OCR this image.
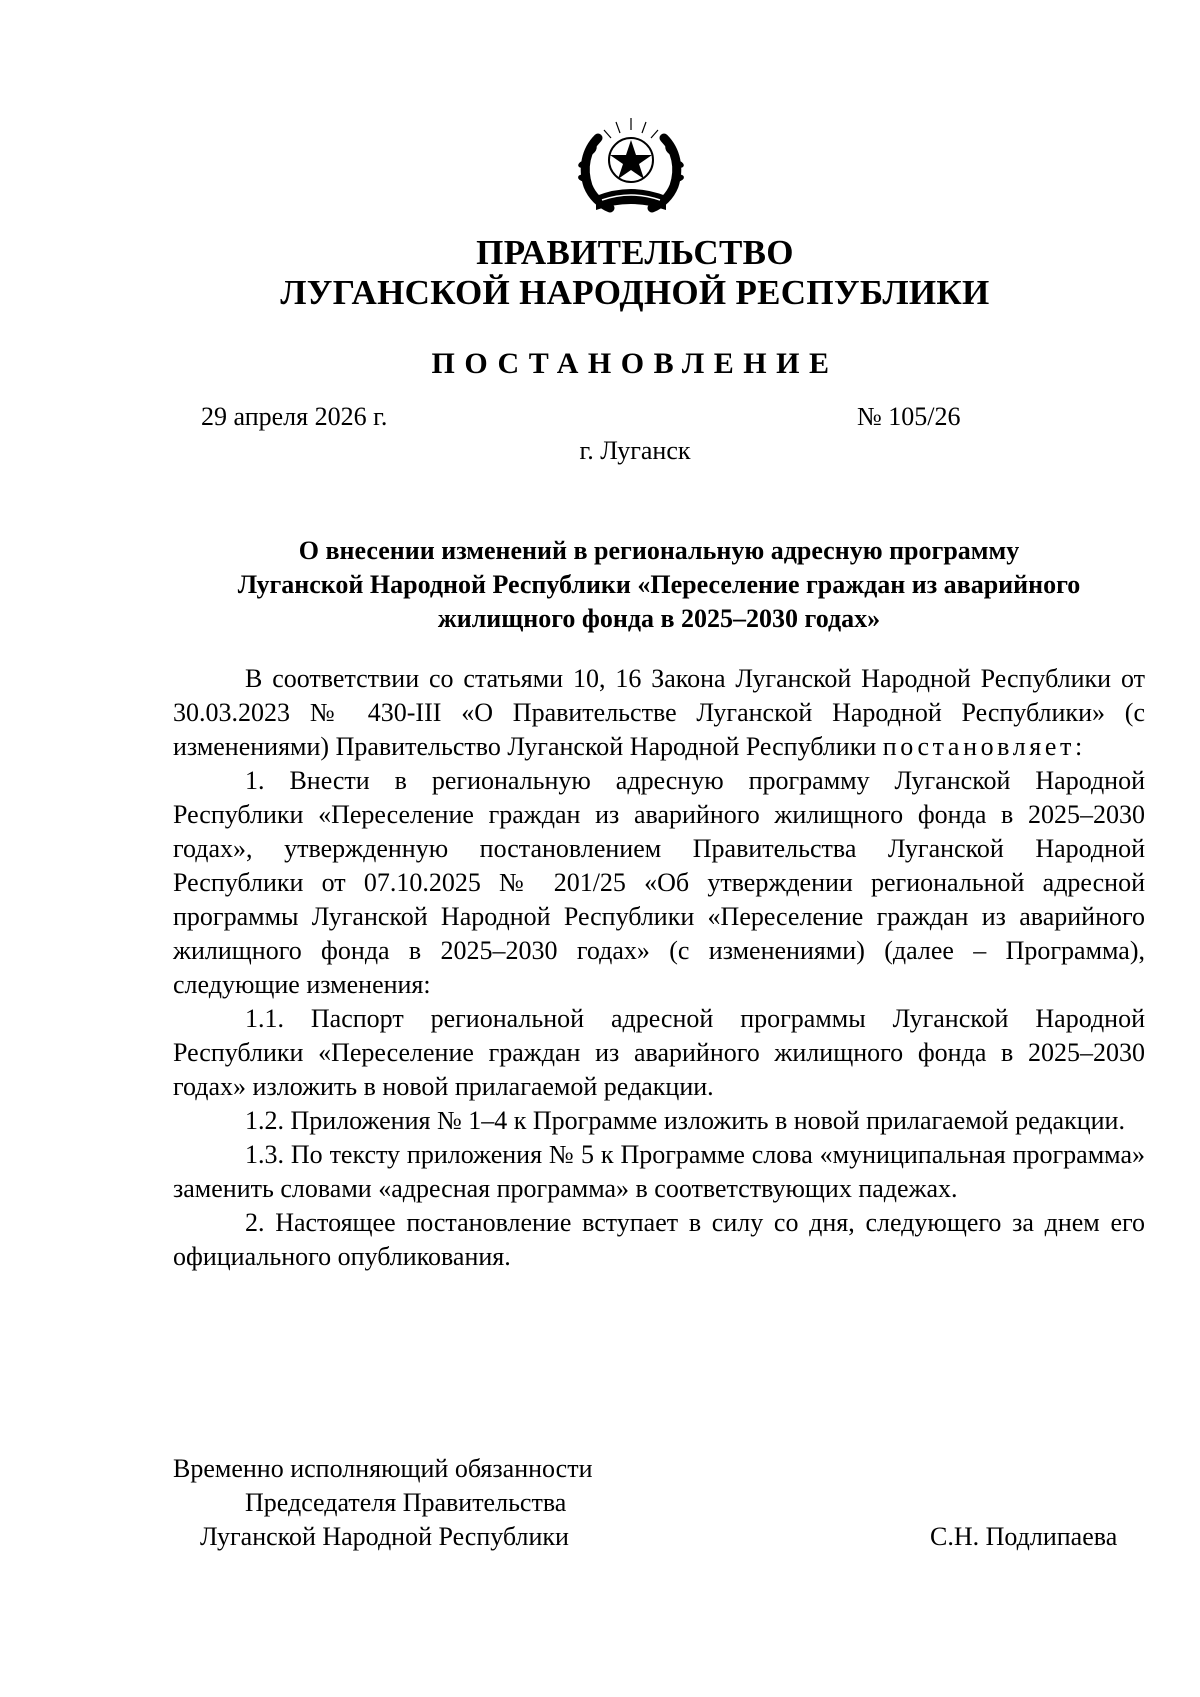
ПРАВИТЕЛЬСТВО
ЛУГАНСКОЙ НАРОДНОЙ РЕСПУБЛИКИ
ПОСТАНОВЛЕНИЕ
29 апреля 2026 г.	№ 105/26
г. Луганск
О внесении изменений в региональную адресную программу
Луганской Народной Республики «Переселение граждан из аварийного
жилищного фонда в 2025–2030 годах»

В соответствии со статьями 10, 16 Закона Луганской Народной Республики от 30.03.2023 № 430-III «О Правительстве Луганской Народной Республики» (с изменениями) Правительство Луганской Народной Республики постановляет:

1. Внести в региональную адресную программу Луганской Народной Республики «Переселение граждан из аварийного жилищного фонда в 2025–2030 годах», утвержденную постановлением Правительства Луганской Народной Республики от 07.10.2025 № 201/25 «Об утверждении региональной адресной программы Луганской Народной Республики «Переселение граждан из аварийного жилищного фонда в 2025–2030 годах» (с изменениями) (далее – Программа), следующие изменения:

1.1. Паспорт региональной адресной программы Луганской Народной Республики «Переселение граждан из аварийного жилищного фонда в 2025–2030 годах» изложить в новой прилагаемой редакции.

1.2. Приложения № 1–4 к Программе изложить в новой прилагаемой редакции.

1.3. По тексту приложения № 5 к Программе слова «муниципальная программа» заменить словами «адресная программа» в соответствующих падежах.

2. Настоящее постановление вступает в силу со дня, следующего за днем его официального опубликования.

Временно исполняющий обязанности
Председателя Правительства
Луганской Народной Республики	С.Н. Подлипаева
